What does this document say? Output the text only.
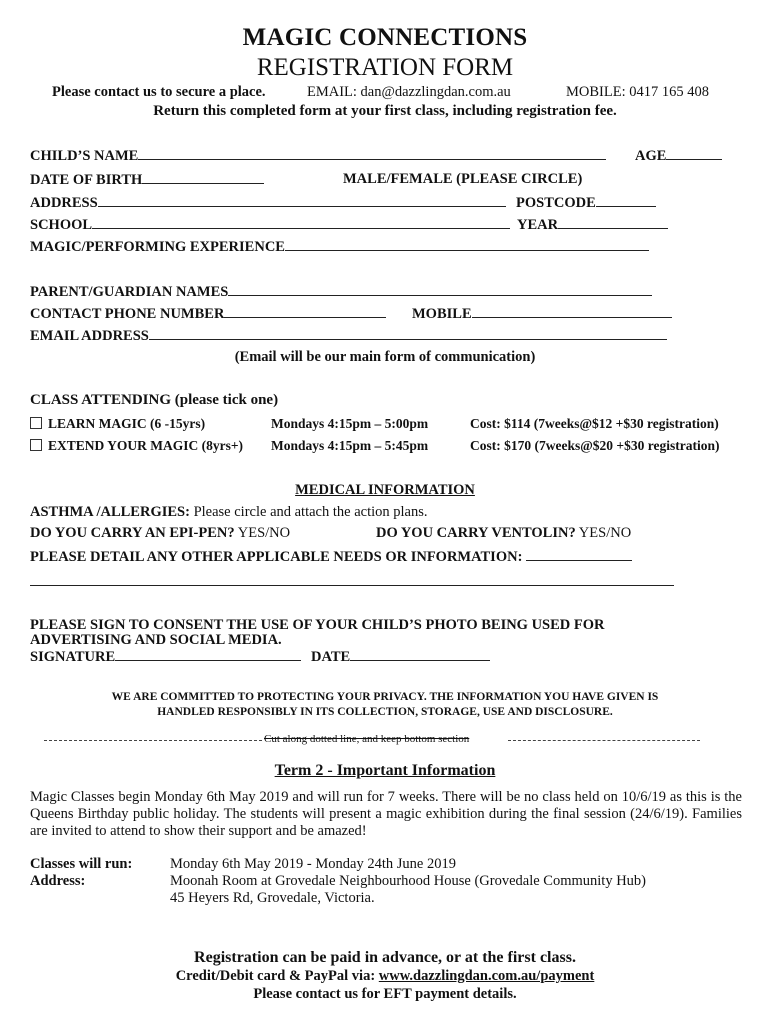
MAGIC CONNECTIONS
REGISTRATION FORM
Please contact us to secure a place.	EMAIL: dan@dazzlingdan.com.au	MOBILE: 0417 165 408
Return this completed form at your first class, including registration fee.
CHILD’S NAME	AGE
DATE OF BIRTH	MALE/FEMALE (PLEASE CIRCLE)
ADDRESS	POSTCODE
SCHOOL	YEAR
MAGIC/PERFORMING EXPERIENCE
PARENT/GUARDIAN NAMES
CONTACT PHONE NUMBER	MOBILE
EMAIL ADDRESS
(Email will be our main form of communication)
CLASS ATTENDING (please tick one)
LEARN MAGIC (6 -15yrs)	Mondays 4:15pm – 5:00pm	Cost: $114 (7weeks@$12 +$30 registration)
EXTEND YOUR MAGIC (8yrs+) Mondays 4:15pm – 5:45pm	Cost: $170 (7weeks@$20 +$30 registration)
MEDICAL INFORMATION
ASTHMA /ALLERGIES: Please circle and attach the action plans.
DO YOU CARRY AN EPI-PEN? YES/NO	DO YOU CARRY VENTOLIN? YES/NO
PLEASE DETAIL ANY OTHER APPLICABLE NEEDS OR INFORMATION:
PLEASE SIGN TO CONSENT THE USE OF YOUR CHILD’S PHOTO BEING USED FOR
ADVERTISING AND SOCIAL MEDIA.
SIGNATURE	DATE
WE ARE COMMITTED TO PROTECTING YOUR PRIVACY. THE INFORMATION YOU HAVE GIVEN IS
HANDLED RESPONSIBLY IN ITS COLLECTION, STORAGE, USE AND DISCLOSURE.
Cut along dotted line, and keep bottom section
Term 2 - Important Information
Magic Classes begin Monday 6th May 2019 and will run for 7 weeks. There will be no class held on 10/6/19 as this is the Queens Birthday public holiday. The students will present a magic exhibition during the final session (24/6/19). Families are invited to attend to show their support and be amazed!
Classes will run:	Monday 6th May 2019 - Monday 24th June 2019
Address:	Moonah Room at Grovedale Neighbourhood House (Grovedale Community Hub)
45 Heyers Rd, Grovedale, Victoria.
Registration can be paid in advance, or at the first class.
Credit/Debit card & PayPal via: www.dazzlingdan.com.au/payment
Please contact us for EFT payment details.
